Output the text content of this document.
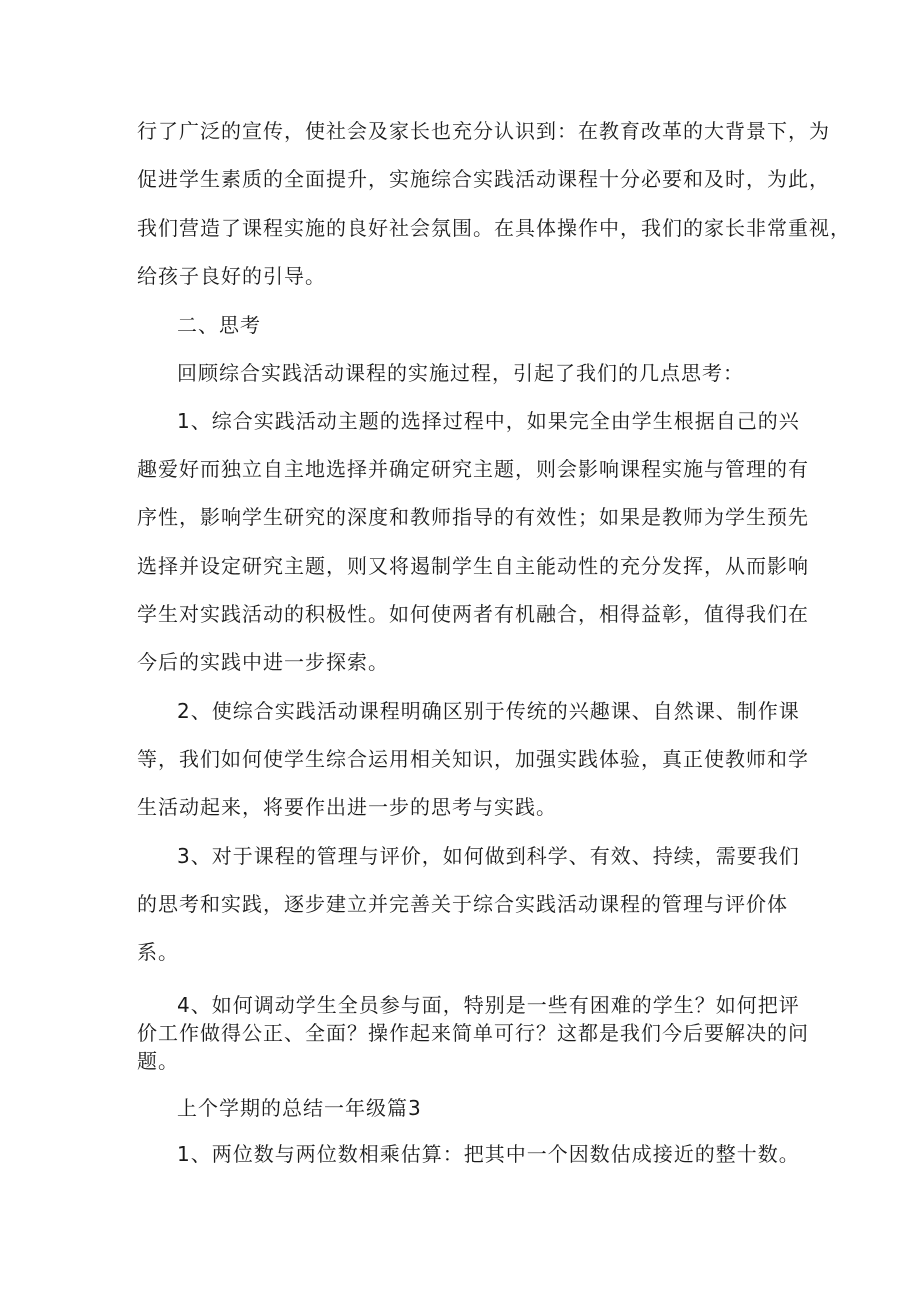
行了广泛的宣传，使社会及家长也充分认识到：在教育改革的大背景下，为
促进学生素质的全面提升，实施综合实践活动课程十分必要和及时，为此，
我们营造了课程实施的良好社会氛围。在具体操作中，我们的家长非常重视，
给孩子良好的引导。
二、思考
回顾综合实践活动课程的实施过程，引起了我们的几点思考：
1、综合实践活动主题的选择过程中，如果完全由学生根据自己的兴
趣爱好而独立自主地选择并确定研究主题，则会影响课程实施与管理的有
序性，影响学生研究的深度和教师指导的有效性；如果是教师为学生预先
选择并设定研究主题，则又将遏制学生自主能动性的充分发挥，从而影响
学生对实践活动的积极性。如何使两者有机融合，相得益彰，值得我们在
今后的实践中进一步探索。
2、使综合实践活动课程明确区别于传统的兴趣课、自然课、制作课
等，我们如何使学生综合运用相关知识，加强实践体验，真正使教师和学
生活动起来，将要作出进一步的思考与实践。
3、对于课程的管理与评价，如何做到科学、有效、持续，需要我们
的思考和实践，逐步建立并完善关于综合实践活动课程的管理与评价体
系。
4、如何调动学生全员参与面，特别是一些有困难的学生？如何把评
价工作做得公正、全面？操作起来简单可行？这都是我们今后要解决的问
题。
上个学期的总结一年级篇3
1、两位数与两位数相乘估算：把其中一个因数估成接近的整十数。
